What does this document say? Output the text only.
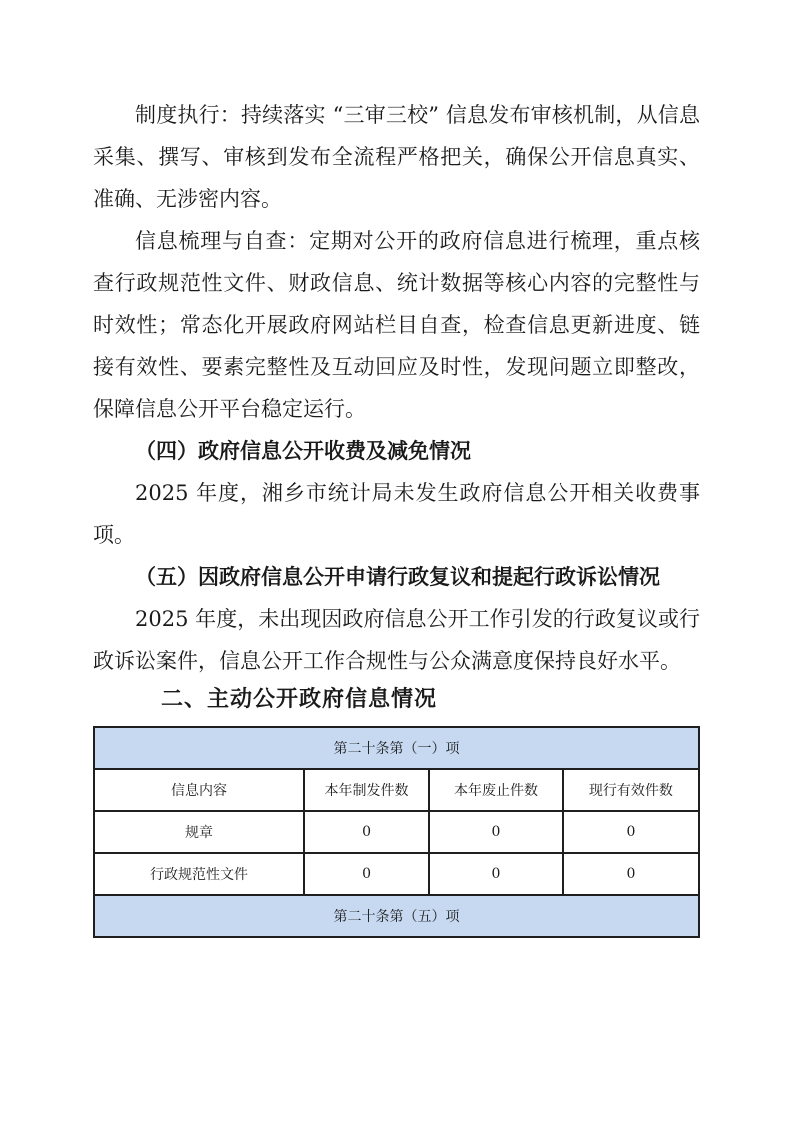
制度执行：持续落实 “三审三校” 信息发布审核机制，从信息采集、撰写、审核到发布全流程严格把关，确保公开信息真实、准确、无涉密内容。

信息梳理与自查：定期对公开的政府信息进行梳理，重点核查行政规范性文件、财政信息、统计数据等核心内容的完整性与时效性；常态化开展政府网站栏目自查，检查信息更新进度、链接有效性、要素完整性及互动回应及时性，发现问题立即整改，保障信息公开平台稳定运行。

（四）政府信息公开收费及减免情况

2025 年度，湘乡市统计局未发生政府信息公开相关收费事项。

（五）因政府信息公开申请行政复议和提起行政诉讼情况

2025 年度，未出现因政府信息公开工作引发的行政复议或行政诉讼案件，信息公开工作合规性与公众满意度保持良好水平。

二、主动公开政府信息情况
第二十条第（一）项			
信息内容	本年制发件数	本年废止件数	现行有效件数
规章	0	0	0
行政规范性文件	0	0	0
第二十条第（五）项			
